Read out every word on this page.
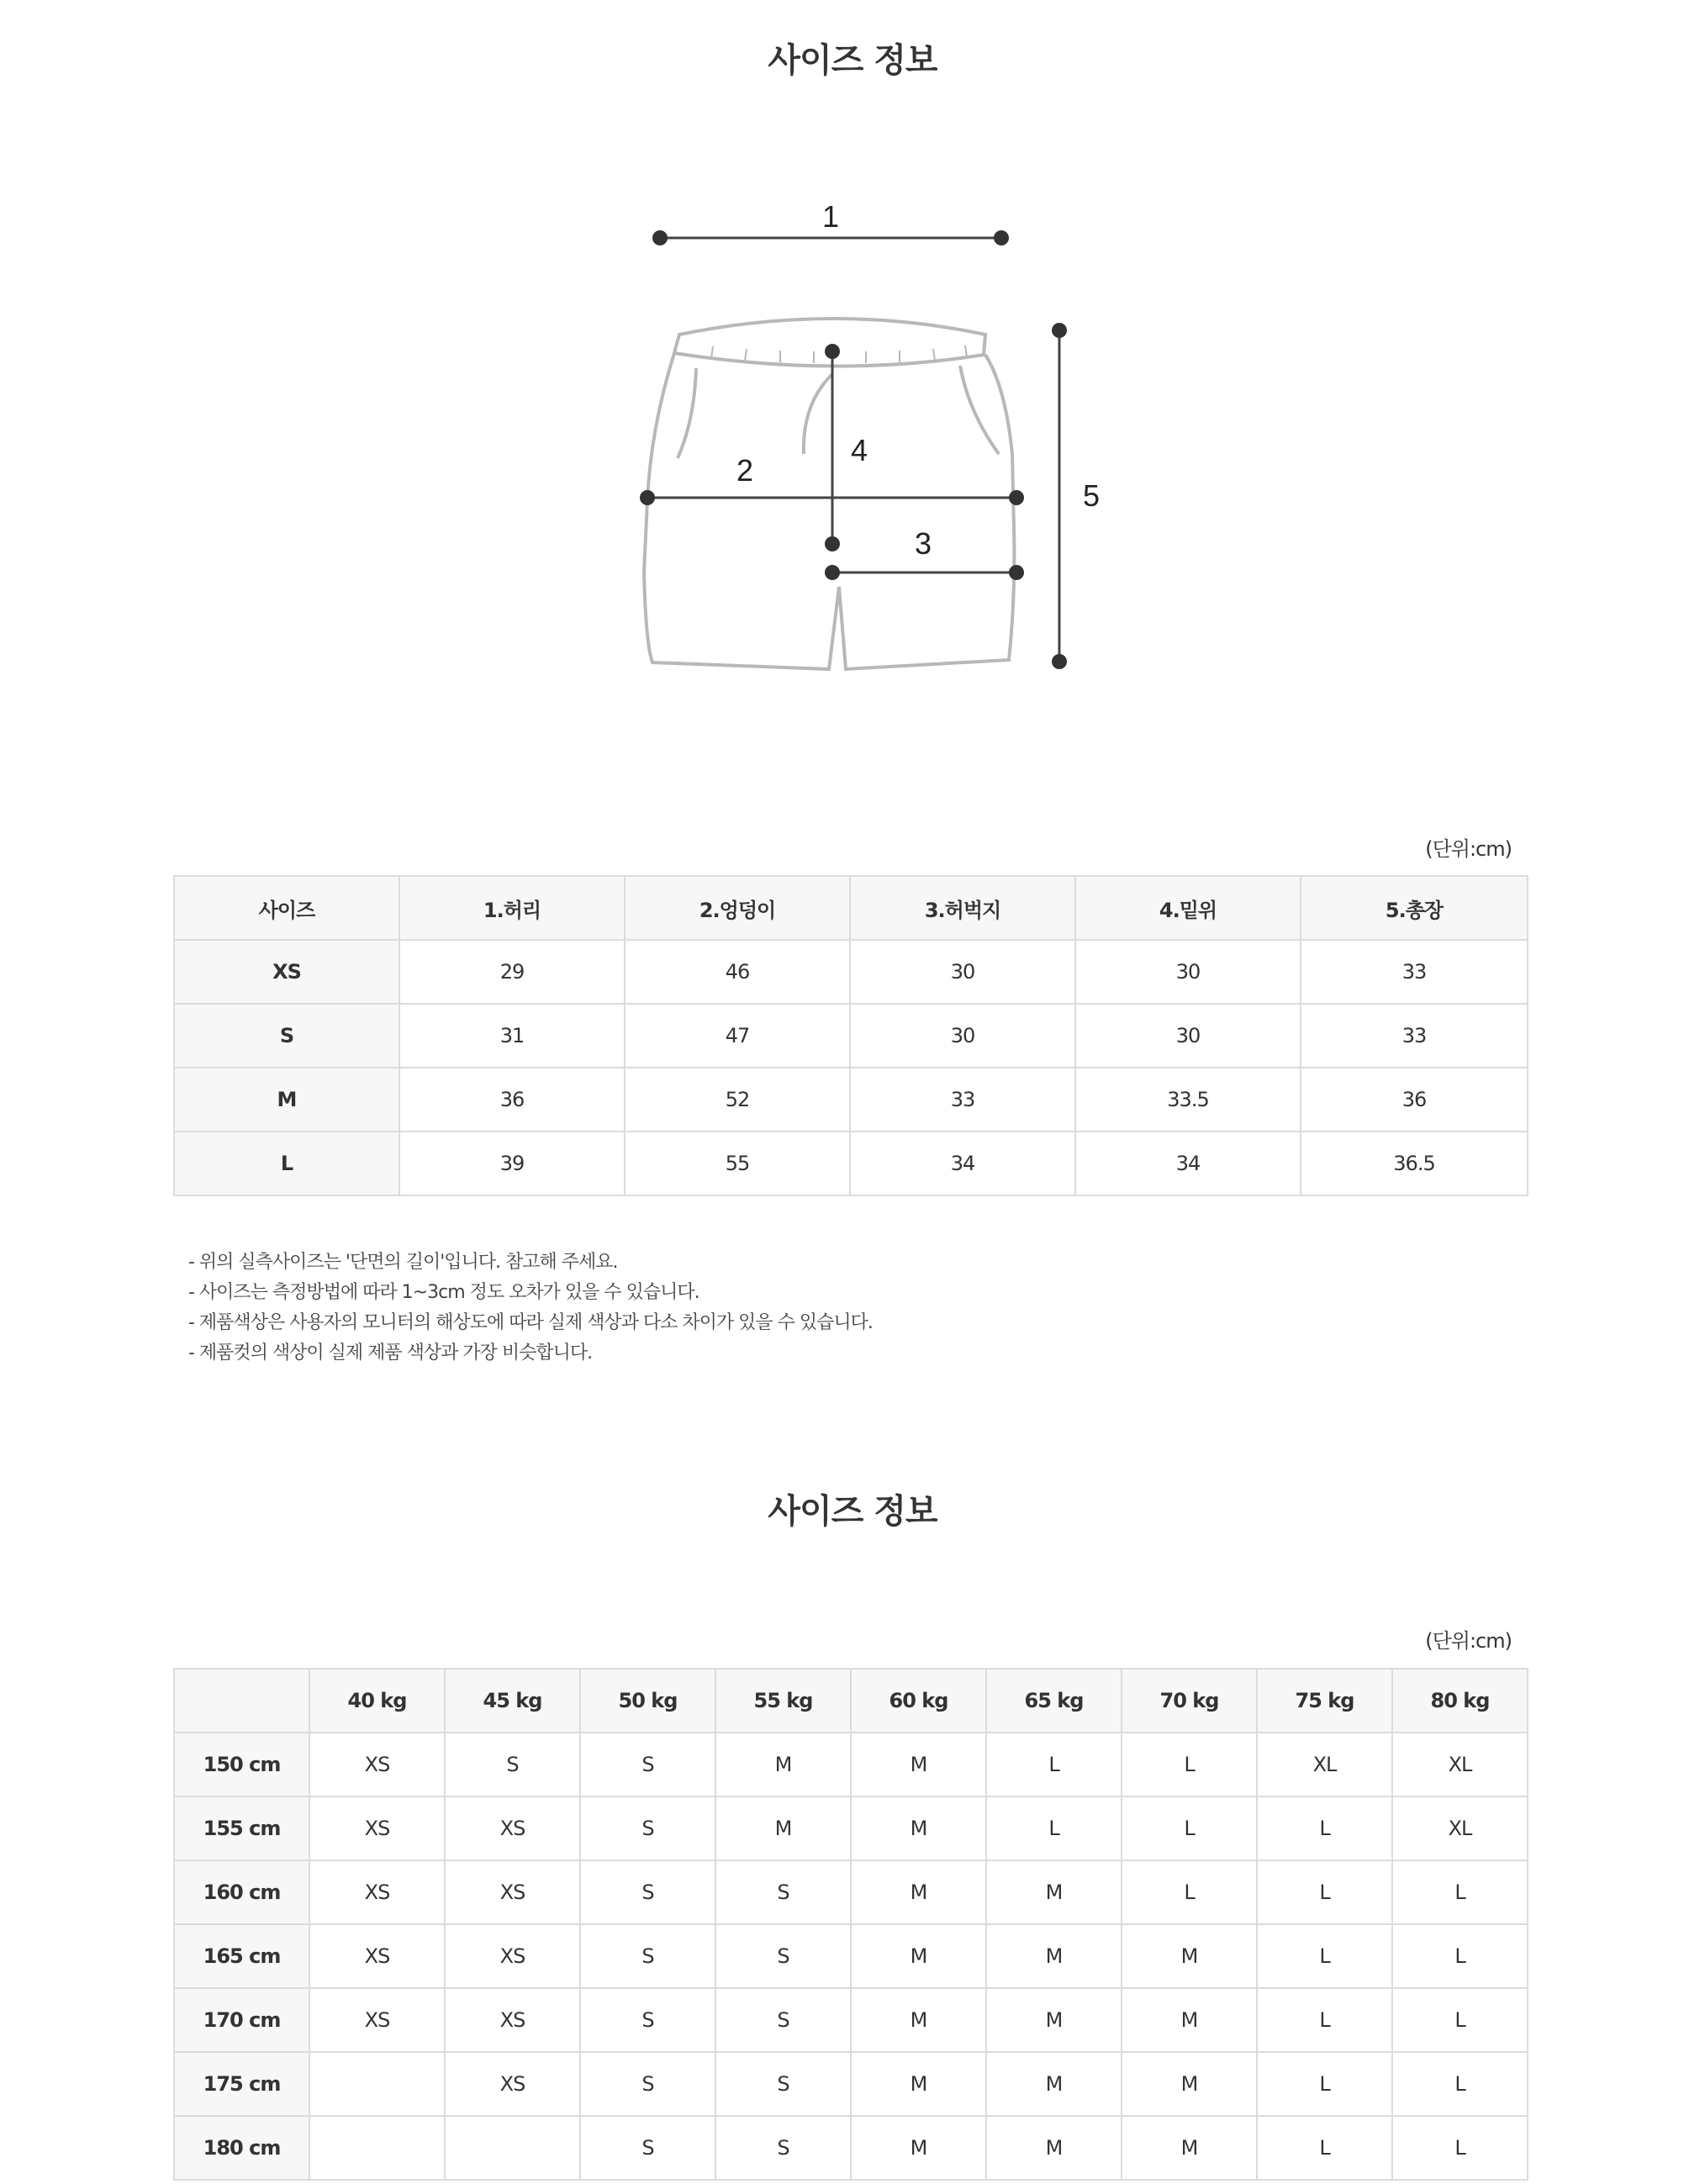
사이즈 정보
1
4
2
3
5
(단위:cm)
사이즈	1.허리	2.엉덩이	3.허벅지	4.밑위	5.총장
XS	29	46	30	30	33
S	31	47	30	30	33
M	36	52	33	33.5	36
L	39	55	34	34	36.5
- 위의 실측사이즈는 '단면의 길이'입니다. 참고해 주세요.
- 사이즈는 측정방법에 따라 1~3cm 정도 오차가 있을 수 있습니다.
- 제품색상은 사용자의 모니터의 해상도에 따라 실제 색상과 다소 차이가 있을 수 있습니다.
- 제품컷의 색상이 실제 제품 색상과 가장 비슷합니다.
사이즈 정보
(단위:cm)
	40 kg	45 kg	50 kg	55 kg	60 kg	65 kg	70 kg	75 kg	80 kg
150 cm	XS	S	S	M	M	L	L	XL	XL
155 cm	XS	XS	S	M	M	L	L	L	XL
160 cm	XS	XS	S	S	M	M	L	L	L
165 cm	XS	XS	S	S	M	M	M	L	L
170 cm	XS	XS	S	S	M	M	M	L	L
175 cm		XS	S	S	M	M	M	L	L
180 cm			S	S	M	M	M	L	L
